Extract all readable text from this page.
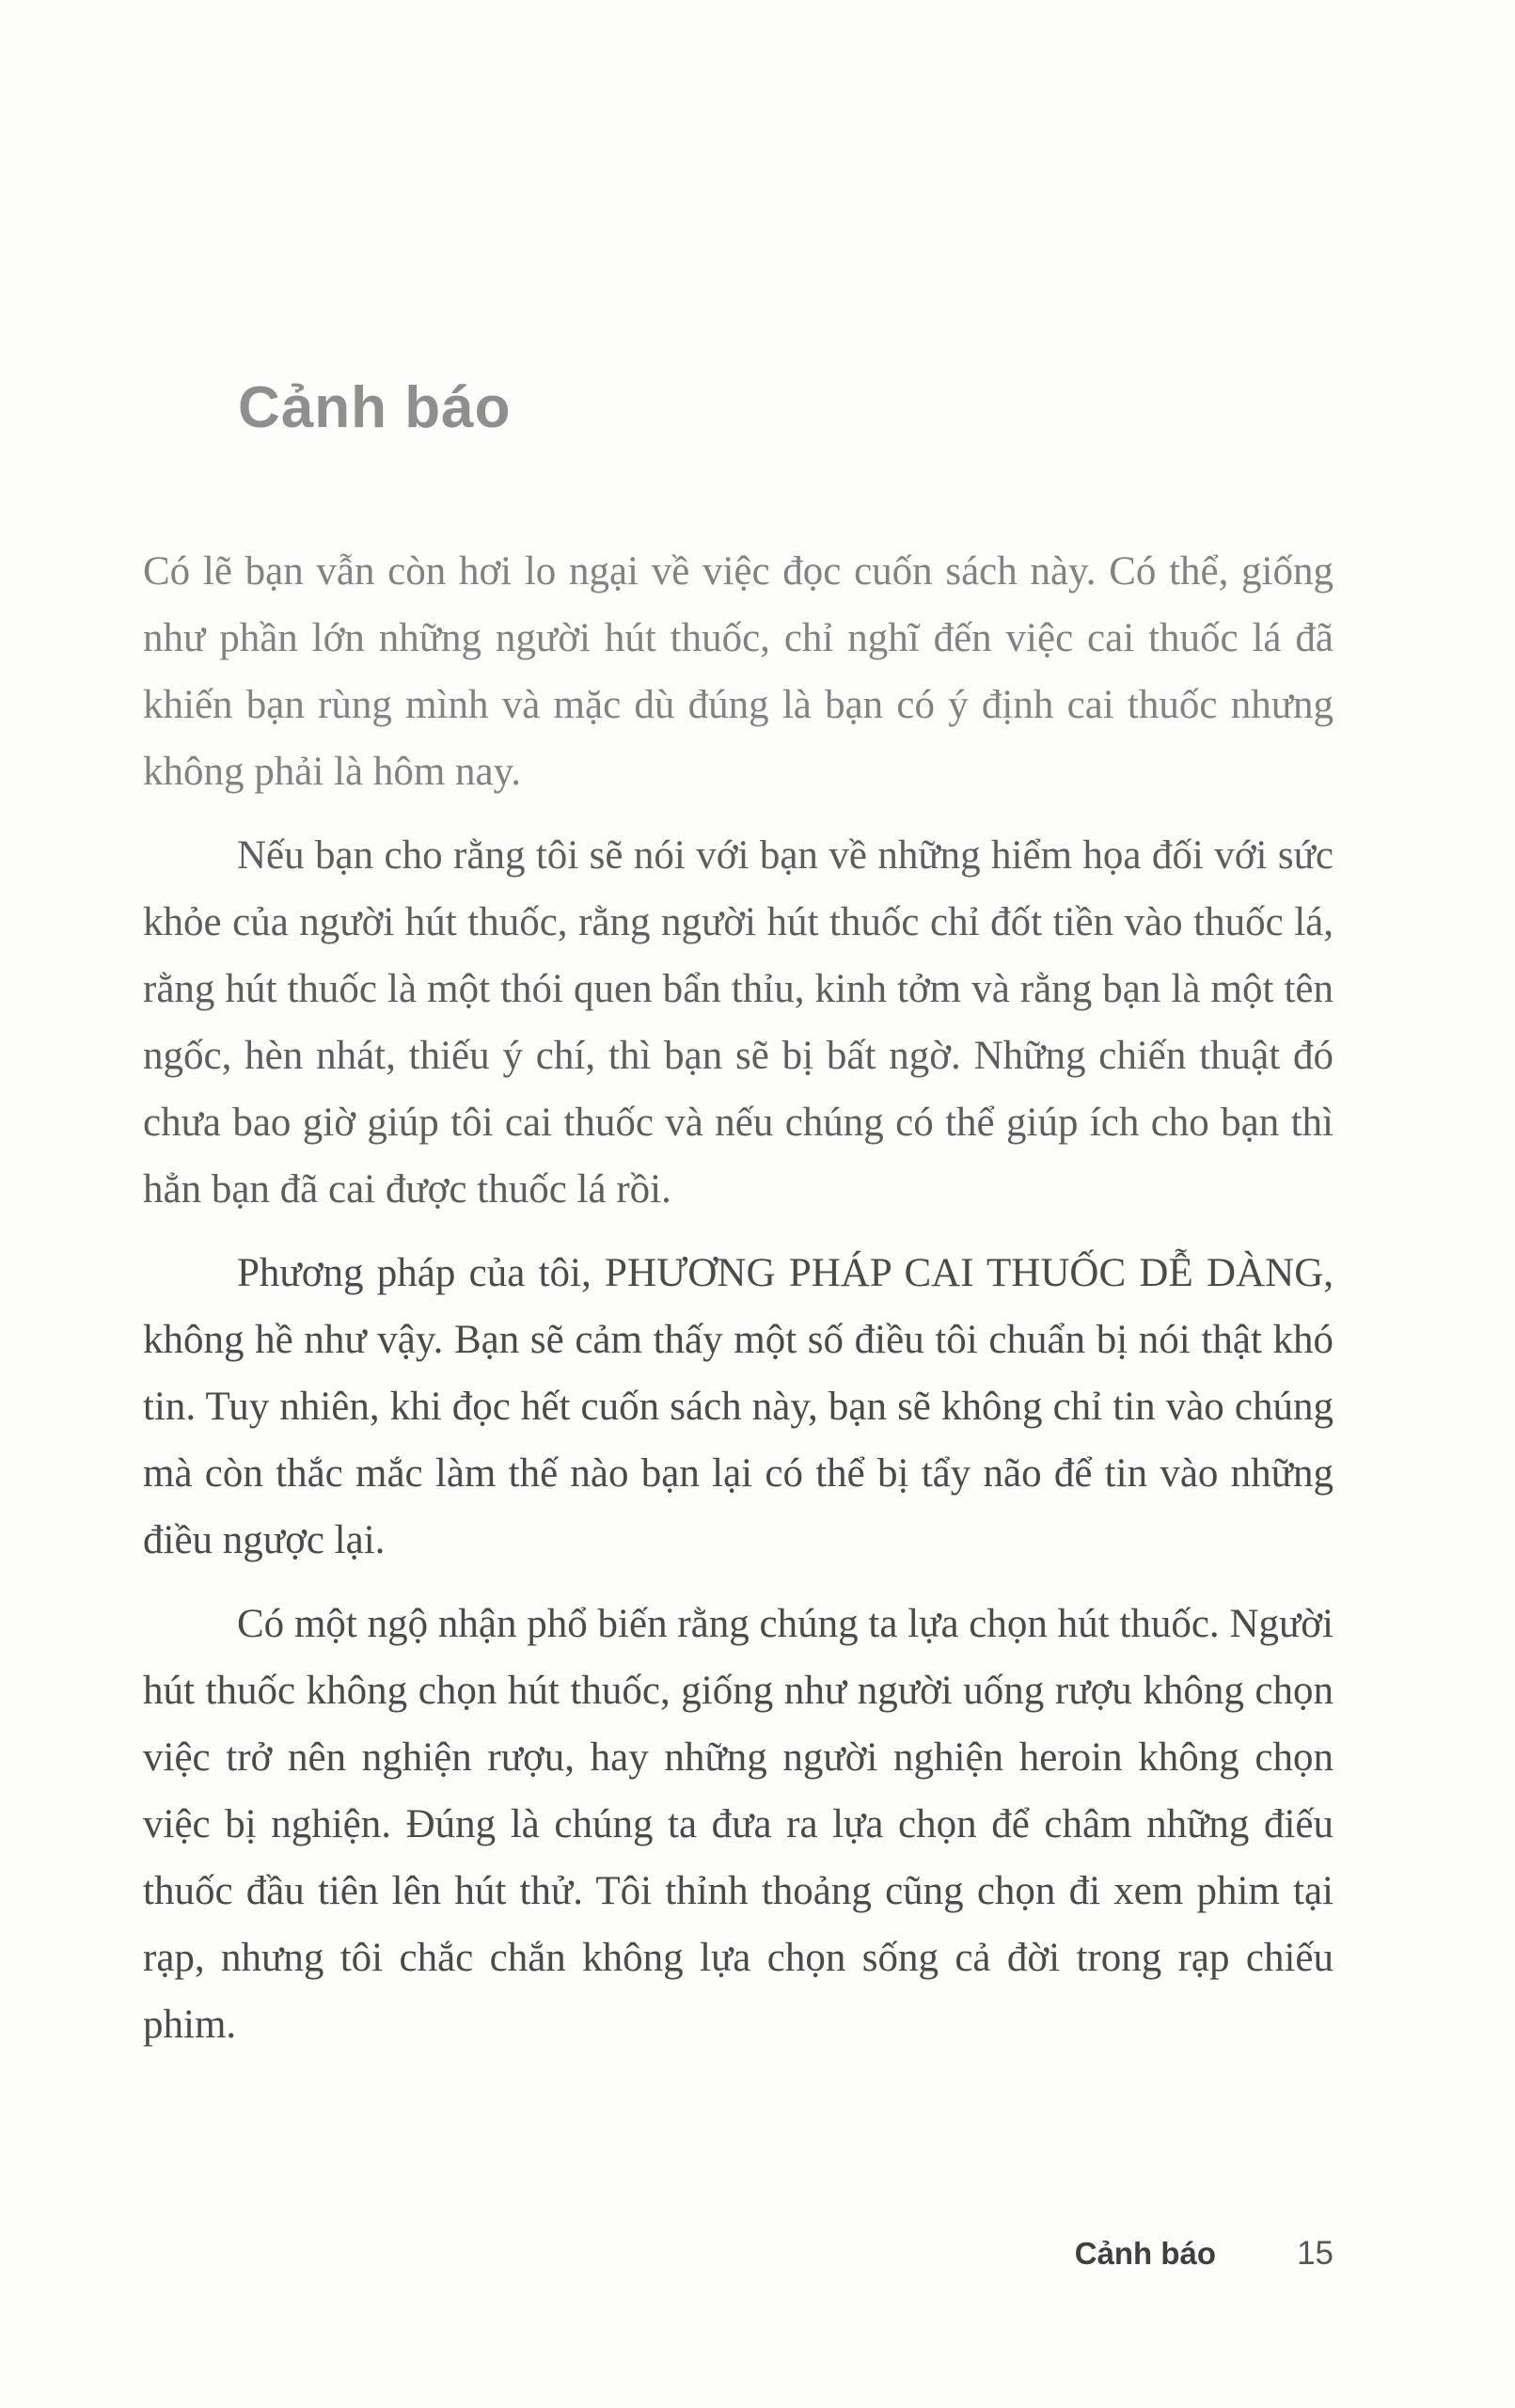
Cảnh báo

Có lẽ bạn vẫn còn hơi lo ngại về việc đọc cuốn sách này. Có thể, giống như phần lớn những người hút thuốc, chỉ nghĩ đến việc cai thuốc lá đã khiến bạn rùng mình và mặc dù đúng là bạn có ý định cai thuốc nhưng không phải là hôm nay.

Nếu bạn cho rằng tôi sẽ nói với bạn về những hiểm họa đối với sức khỏe của người hút thuốc, rằng người hút thuốc chỉ đốt tiền vào thuốc lá, rằng hút thuốc là một thói quen bẩn thỉu, kinh tởm và rằng bạn là một tên ngốc, hèn nhát, thiếu ý chí, thì bạn sẽ bị bất ngờ. Những chiến thuật đó chưa bao giờ giúp tôi cai thuốc và nếu chúng có thể giúp ích cho bạn thì hẳn bạn đã cai được thuốc lá rồi.

Phương pháp của tôi, PHƯƠNG PHÁP CAI THUỐC DỄ DÀNG, không hề như vậy. Bạn sẽ cảm thấy một số điều tôi chuẩn bị nói thật khó tin. Tuy nhiên, khi đọc hết cuốn sách này, bạn sẽ không chỉ tin vào chúng mà còn thắc mắc làm thế nào bạn lại có thể bị tẩy não để tin vào những điều ngược lại.

Có một ngộ nhận phổ biến rằng chúng ta lựa chọn hút thuốc. Người hút thuốc không chọn hút thuốc, giống như người uống rượu không chọn việc trở nên nghiện rượu, hay những người nghiện heroin không chọn việc bị nghiện. Đúng là chúng ta đưa ra lựa chọn để châm những điếu thuốc đầu tiên lên hút thử. Tôi thỉnh thoảng cũng chọn đi xem phim tại rạp, nhưng tôi chắc chắn không lựa chọn sống cả đời trong rạp chiếu phim.

Cảnh báo 15
